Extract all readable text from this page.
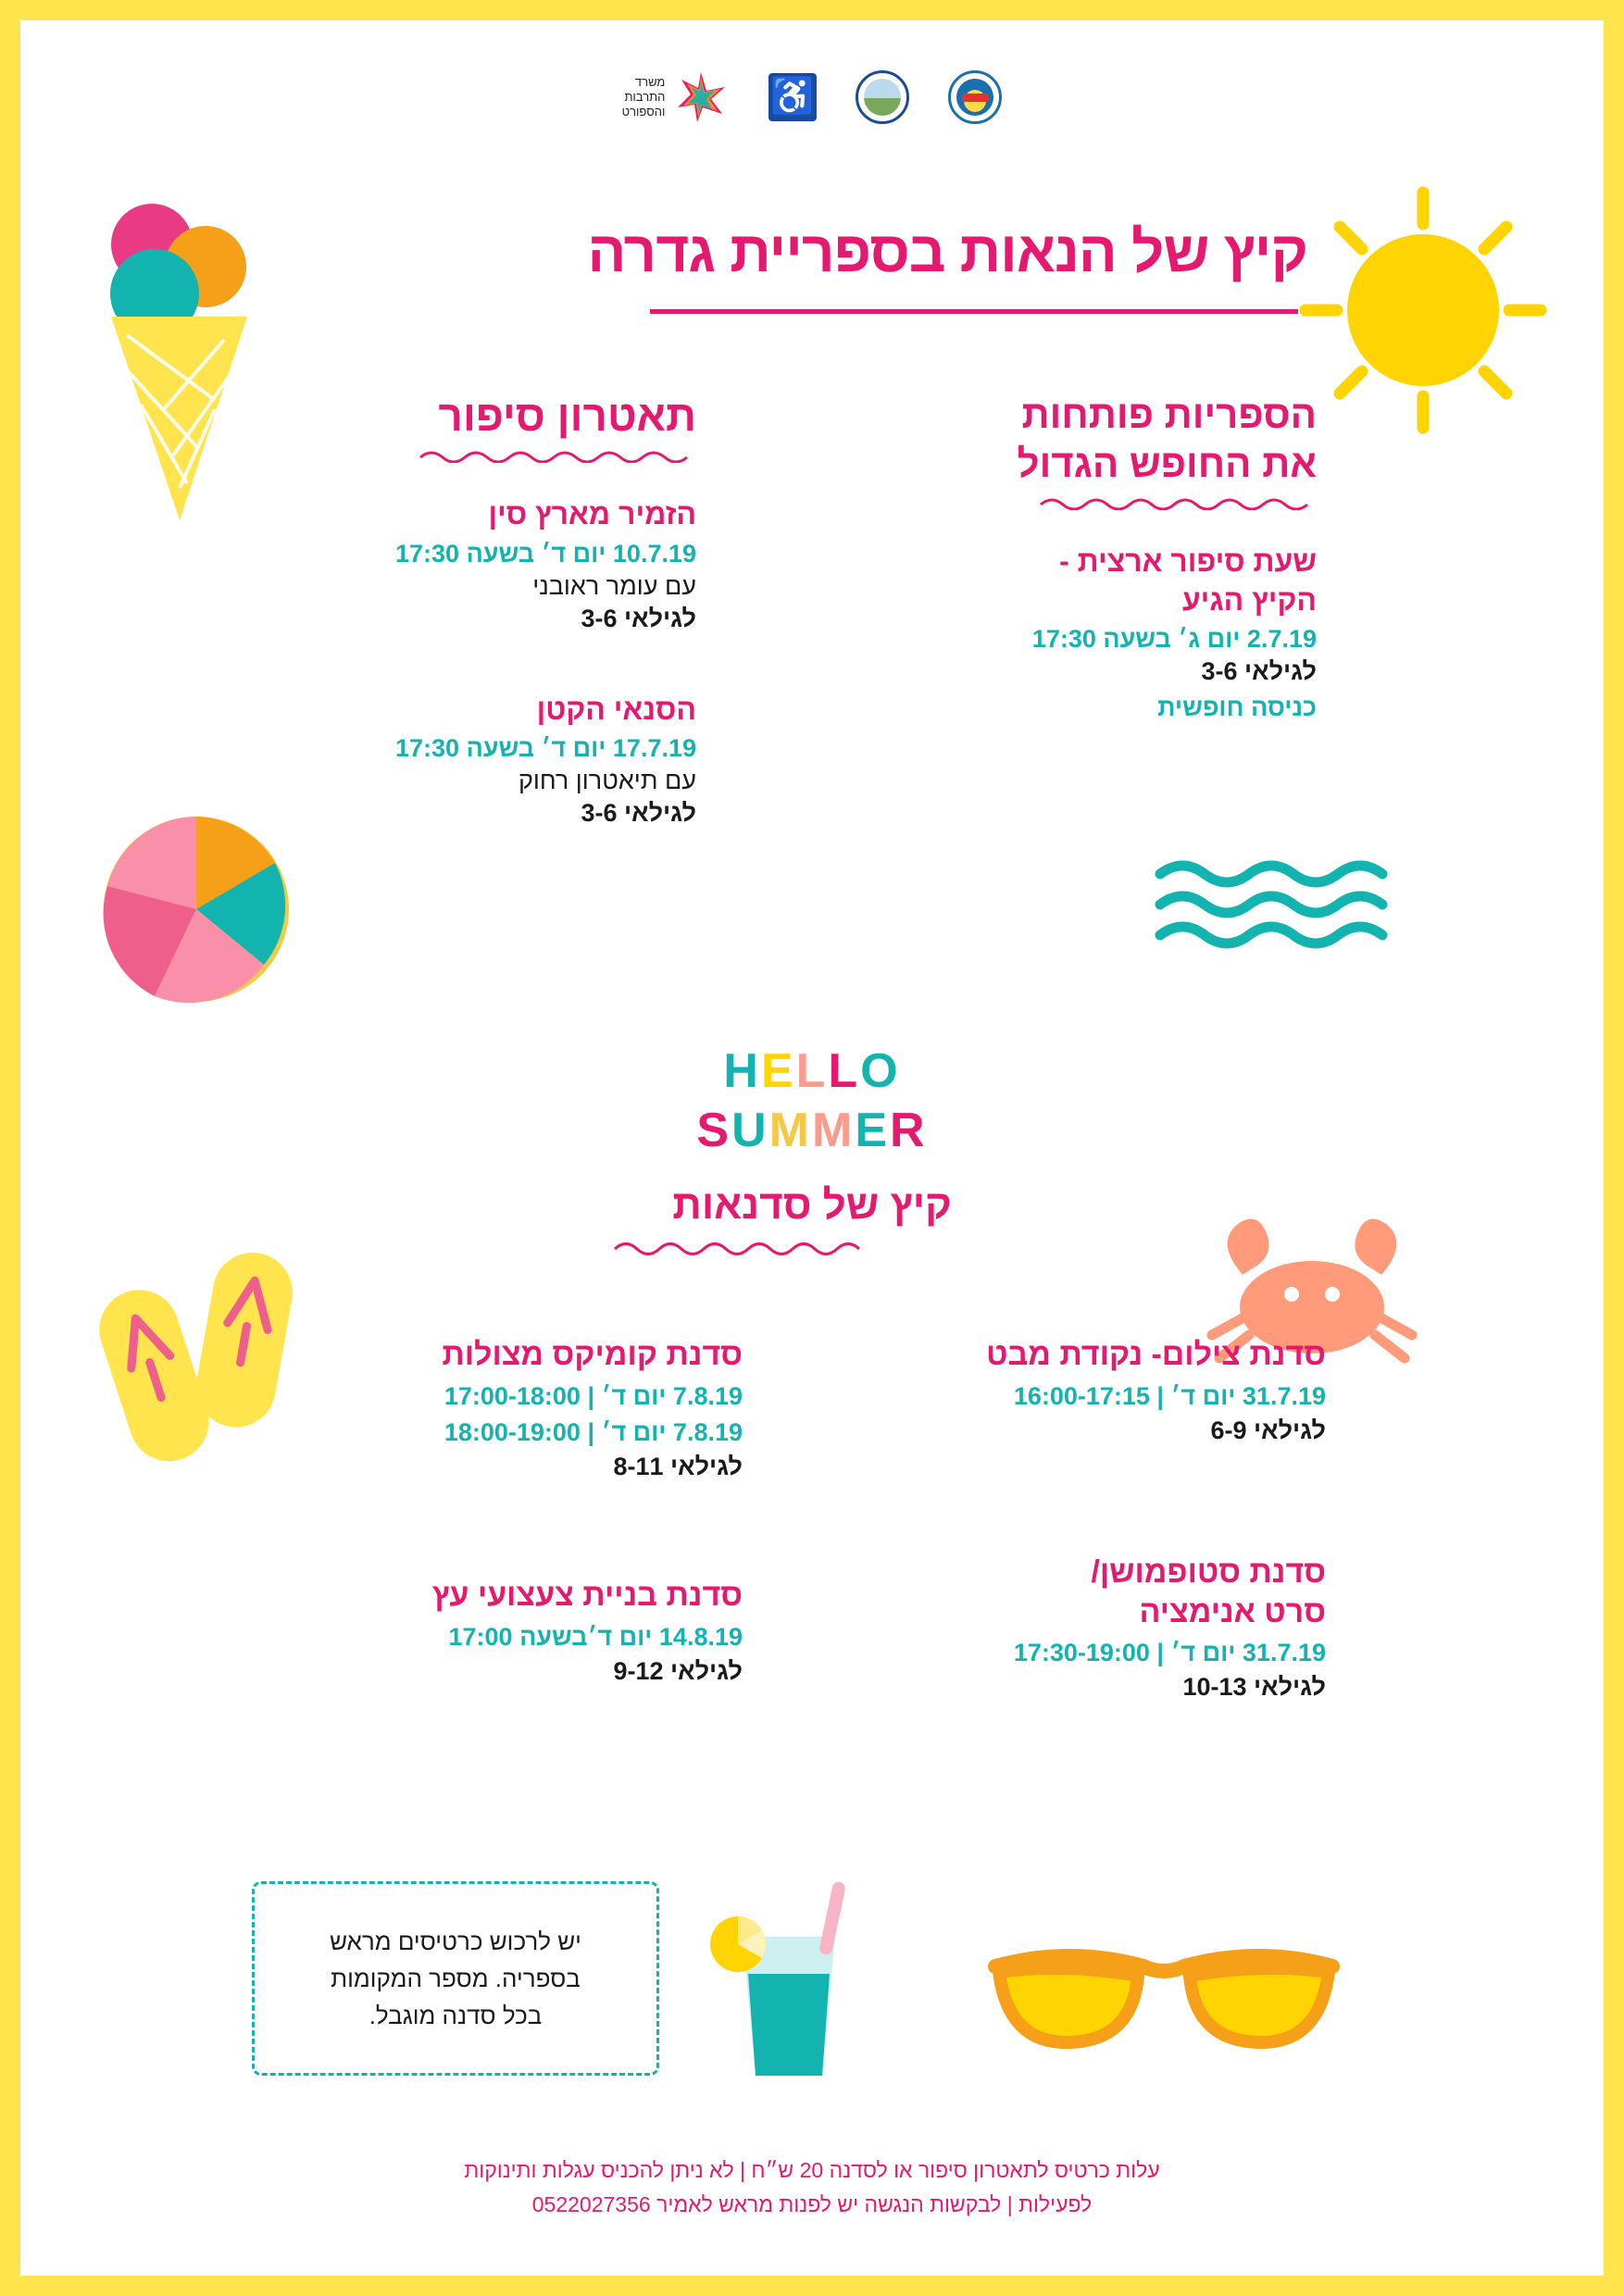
משרד
התרבות
והספורט
♿
קיץ של הנאות בספריית גדרה
הספריות פותחות
את החופש הגדול
שעת סיפור ארצית -
הקיץ הגיע
2.7.19 יום ג׳ בשעה 17:30
לגילאי 3-6
כניסה חופשית
תאטרון סיפור
הזמיר מארץ סין
10.7.19 יום ד׳ בשעה 17:30
עם עומר ראובני
לגילאי 3-6
הסנאי הקטן
17.7.19 יום ד׳ בשעה 17:30
עם תיאטרון רחוק
לגילאי 3-6
HELLO
SUMMER
קיץ של סדנאות
סדנת צילום- נקודת מבט
31.7.19 יום ד׳ | 16:00-17:15
לגילאי 6-9
סדנת קומיקס מצולות
7.8.19 יום ד׳ | 17:00-18:00
7.8.19 יום ד׳ | 18:00-19:00
לגילאי 8-11
סדנת סטופמושן/
סרט אנימציה
31.7.19 יום ד׳ | 17:30-19:00
לגילאי 10-13
סדנת בניית צעצועי עץ
14.8.19 יום ד׳בשעה 17:00
לגילאי 9-12

יש לרכוש כרטיסים מראש
בספריה. מספר המקומות
בכל סדנה מוגבל.

עלות כרטיס לתאטרון סיפור או לסדנה 20 ש״ח | לא ניתן להכניס עגלות ותינוקות
לפעילות | לבקשות הנגשה יש לפנות מראש לאמיר 0522027356
